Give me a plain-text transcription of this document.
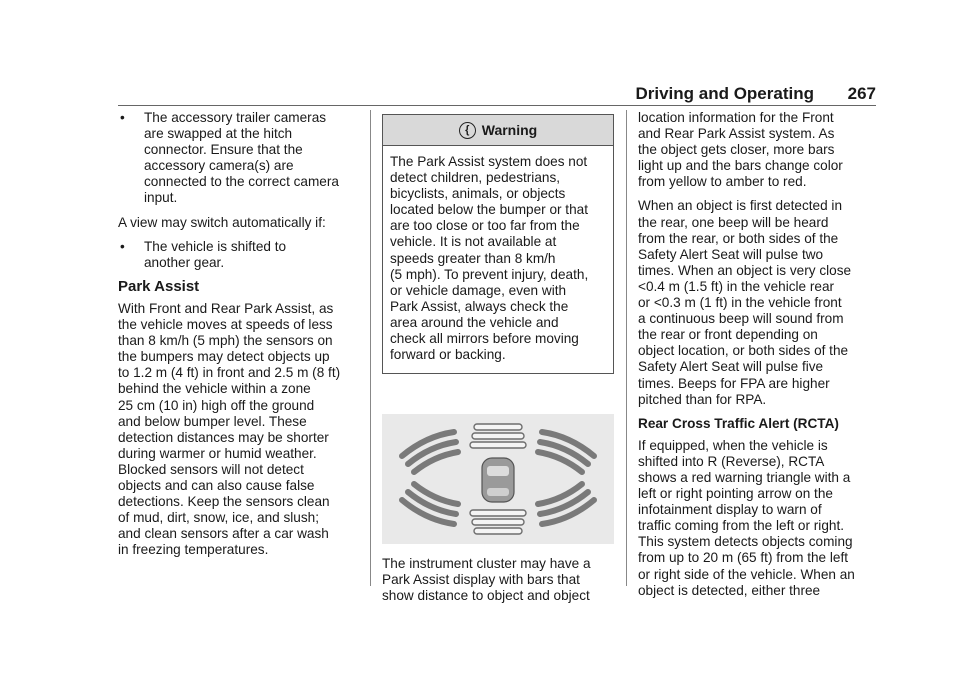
Driving and Operating 267
• The accessory trailer cameras
are swapped at the hitch
connector. Ensure that the
accessory camera(s) are
connected to the correct camera
input.
A view may switch automatically if:
• The vehicle is shifted to
another gear.
Park Assist
With Front and Rear Park Assist, as
the vehicle moves at speeds of less
than 8 km/h (5 mph) the sensors on
the bumpers may detect objects up
to 1.2 m (4 ft) in front and 2.5 m (8 ft)
behind the vehicle within a zone
25 cm (10 in) high off the ground
and below bumper level. These
detection distances may be shorter
during warmer or humid weather.
Blocked sensors will not detect
objects and can also cause false
detections. Keep the sensors clean
of mud, dirt, snow, ice, and slush;
and clean sensors after a car wash
in freezing temperatures.
{ Warning
The Park Assist system does not
detect children, pedestrians,
bicyclists, animals, or objects
located below the bumper or that
are too close or too far from the
vehicle. It is not available at
speeds greater than 8 km/h
(5 mph). To prevent injury, death,
or vehicle damage, even with
Park Assist, always check the
area around the vehicle and
check all mirrors before moving
forward or backing.
The instrument cluster may have a
Park Assist display with bars that
show distance to object and object
location information for the Front
and Rear Park Assist system. As
the object gets closer, more bars
light up and the bars change color
from yellow to amber to red.
When an object is first detected in
the rear, one beep will be heard
from the rear, or both sides of the
Safety Alert Seat will pulse two
times. When an object is very close
<0.4 m (1.5 ft) in the vehicle rear
or <0.3 m (1 ft) in the vehicle front
a continuous beep will sound from
the rear or front depending on
object location, or both sides of the
Safety Alert Seat will pulse five
times. Beeps for FPA are higher
pitched than for RPA.
Rear Cross Traffic Alert (RCTA)
If equipped, when the vehicle is
shifted into R (Reverse), RCTA
shows a red warning triangle with a
left or right pointing arrow on the
infotainment display to warn of
traffic coming from the left or right.
This system detects objects coming
from up to 20 m (65 ft) from the left
or right side of the vehicle. When an
object is detected, either three
